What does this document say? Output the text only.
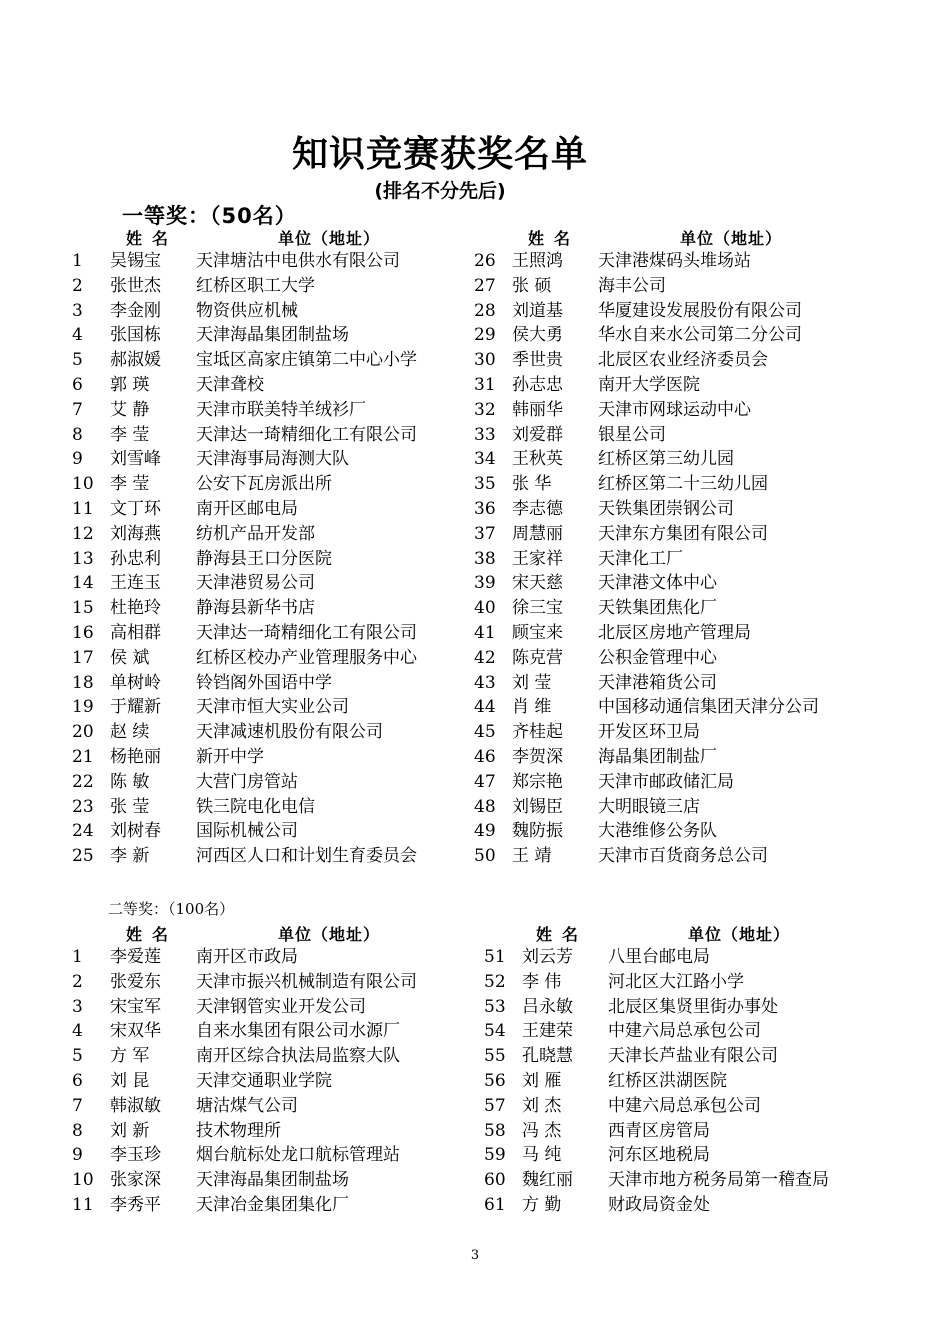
知识竞赛获奖名单
(排名不分先后)
一等奖：（50名）
姓名	单位（地址）	姓名	单位（地址）
1	吴锡宝	天津塘沽中电供水有限公司
2	张世杰	红桥区职工大学
3	李金刚	物资供应机械
4	张国栋	天津海晶集团制盐场
5	郝淑媛	宝坻区高家庄镇第二中心小学
6	郭 瑛	天津聋校
7	艾 静	天津市联美特羊绒衫厂
8	李 莹	天津达一琦精细化工有限公司
9	刘雪峰	天津海事局海测大队
10 李 莹	公安下瓦房派出所
11 文丁环	南开区邮电局
12 刘海燕	纺机产品开发部
13 孙忠利	静海县王口分医院
14 王连玉	天津港贸易公司
15 杜艳玲	静海县新华书店
16 高相群	天津达一琦精细化工有限公司
17 侯 斌	红桥区校办产业管理服务中心
18 单树岭	铃铛阁外国语中学
19 于耀新	天津市恒大实业公司
20 赵 续	天津减速机股份有限公司
21 杨艳丽	新开中学
22 陈 敏	大营门房管站
23 张 莹	铁三院电化电信
24 刘树春	国际机械公司
25 李 新	河西区人口和计划生育委员会
26 王照鸿	天津港煤码头堆场站
27 张 硕	海丰公司
28 刘道基	华厦建设发展股份有限公司
29 侯大勇	华水自来水公司第二分公司
30 季世贵	北辰区农业经济委员会
31 孙志忠	南开大学医院
32 韩丽华	天津市网球运动中心
33 刘爱群	银星公司
34 王秋英	红桥区第三幼儿园
35 张 华	红桥区第二十三幼儿园
36 李志德	天铁集团崇钢公司
37 周慧丽	天津东方集团有限公司
38 王家祥	天津化工厂
39 宋天慈	天津港文体中心
40 徐三宝	天铁集团焦化厂
41 顾宝来	北辰区房地产管理局
42 陈克营	公积金管理中心
43 刘 莹	天津港箱货公司
44 肖 维	中国移动通信集团天津分公司
45 齐桂起	开发区环卫局
46 李贺深	海晶集团制盐厂
47 郑宗艳	天津市邮政储汇局
48 刘锡臣	大明眼镜三店
49 魏防振	大港维修公务队
50 王 靖	天津市百货商务总公司
二等奖：（100名）
姓名	单位（地址）	姓名	单位（地址）
1	李爱莲	南开区市政局
2	张爱东	天津市振兴机械制造有限公司
3	宋宝军	天津钢管实业开发公司
4	宋双华	自来水集团有限公司水源厂
5	方 军	南开区综合执法局监察大队
6	刘 昆	天津交通职业学院
7	韩淑敏	塘沽煤气公司
8	刘 新	技术物理所
9	李玉珍	烟台航标处龙口航标管理站
10 张家深	天津海晶集团制盐场
11 李秀平	天津冶金集团集化厂
51 刘云芳	八里台邮电局
52 李 伟	河北区大江路小学
53 吕永敏	北辰区集贤里街办事处
54 王建荣	中建六局总承包公司
55 孔晓慧	天津长芦盐业有限公司
56 刘 雁	红桥区洪湖医院
57 刘 杰	中建六局总承包公司
58 冯 杰	西青区房管局
59 马 纯	河东区地税局
60 魏红丽	天津市地方税务局第一稽查局
61 方 勤	财政局资金处
3
